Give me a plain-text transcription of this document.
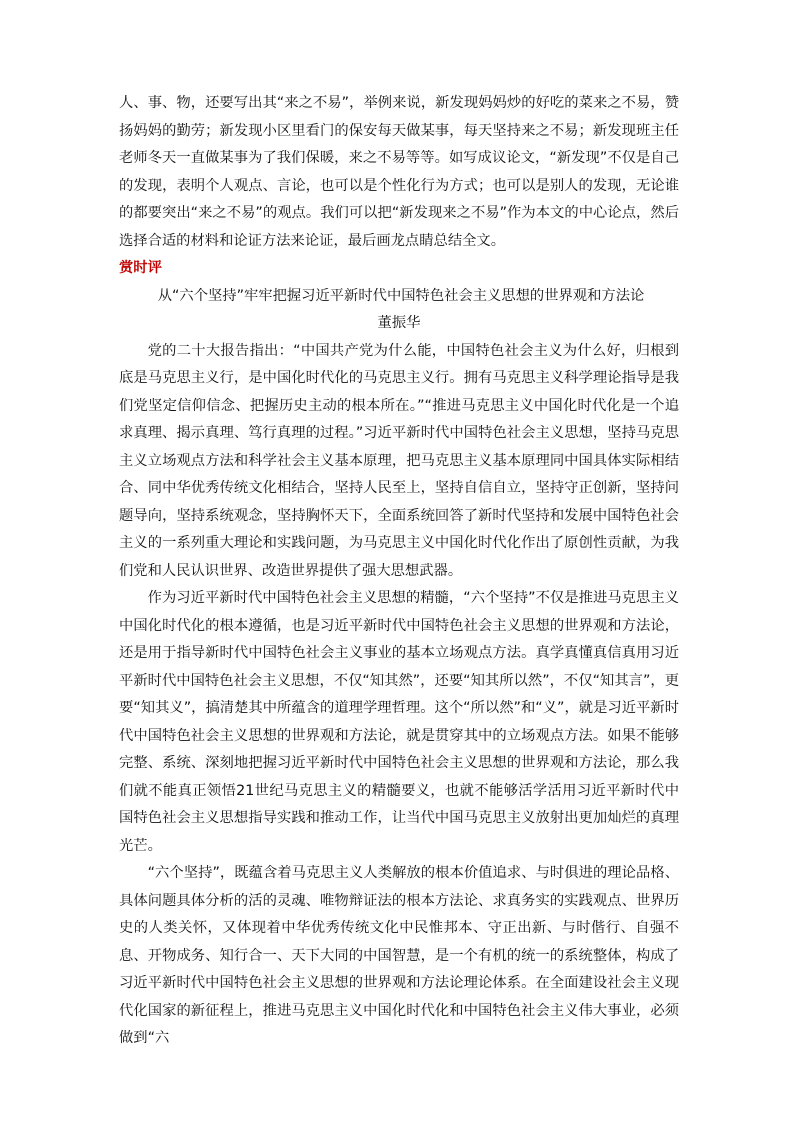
人、事、物，还要写出其“来之不易”，举例来说，新发现妈妈炒的好吃的菜来之不易，赞扬妈妈的勤劳；新发现小区里看门的保安每天做某事，每天坚持来之不易；新发现班主任老师冬天一直做某事为了我们保暖，来之不易等等。如写成议论文，“新发现”不仅是自己的发现，表明个人观点、言论，也可以是个性化行为方式；也可以是别人的发现，无论谁的都要突出“来之不易”的观点。我们可以把“新发现来之不易”作为本文的中心论点，然后选择合适的材料和论证方法来论证，最后画龙点睛总结全文。

赏时评
从“六个坚持”牢牢把握习近平新时代中国特色社会主义思想的世界观和方法论
董振华

党的二十大报告指出：“中国共产党为什么能，中国特色社会主义为什么好，归根到底是马克思主义行，是中国化时代化的马克思主义行。拥有马克思主义科学理论指导是我们党坚定信仰信念、把握历史主动的根本所在。”“推进马克思主义中国化时代化是一个追求真理、揭示真理、笃行真理的过程。”习近平新时代中国特色社会主义思想，坚持马克思主义立场观点方法和科学社会主义基本原理，把马克思主义基本原理同中国具体实际相结合、同中华优秀传统文化相结合，坚持人民至上，坚持自信自立，坚持守正创新，坚持问题导向，坚持系统观念，坚持胸怀天下，全面系统回答了新时代坚持和发展中国特色社会主义的一系列重大理论和实践问题，为马克思主义中国化时代化作出了原创性贡献，为我们党和人民认识世界、改造世界提供了强大思想武器。

作为习近平新时代中国特色社会主义思想的精髓，“六个坚持”不仅是推进马克思主义中国化时代化的根本遵循，也是习近平新时代中国特色社会主义思想的世界观和方法论，还是用于指导新时代中国特色社会主义事业的基本立场观点方法。真学真懂真信真用习近平新时代中国特色社会主义思想，不仅“知其然”，还要“知其所以然”，不仅“知其言”，更要“知其义”，搞清楚其中所蕴含的道理学理哲理。这个“所以然”和“义”，就是习近平新时代中国特色社会主义思想的世界观和方法论，就是贯穿其中的立场观点方法。如果不能够完整、系统、深刻地把握习近平新时代中国特色社会主义思想的世界观和方法论，那么我们就不能真正领悟21世纪马克思主义的精髓要义，也就不能够活学活用习近平新时代中国特色社会主义思想指导实践和推动工作，让当代中国马克思主义放射出更加灿烂的真理光芒。

“六个坚持”，既蕴含着马克思主义人类解放的根本价值追求、与时俱进的理论品格、具体问题具体分析的活的灵魂、唯物辩证法的根本方法论、求真务实的实践观点、世界历史的人类关怀，又体现着中华优秀传统文化中民惟邦本、守正出新、与时偕行、自强不息、开物成务、知行合一、天下大同的中国智慧，是一个有机的统一的系统整体，构成了习近平新时代中国特色社会主义思想的世界观和方法论理论体系。在全面建设社会主义现代化国家的新征程上，推进马克思主义中国化时代化和中国特色社会主义伟大事业，必须做到“六
